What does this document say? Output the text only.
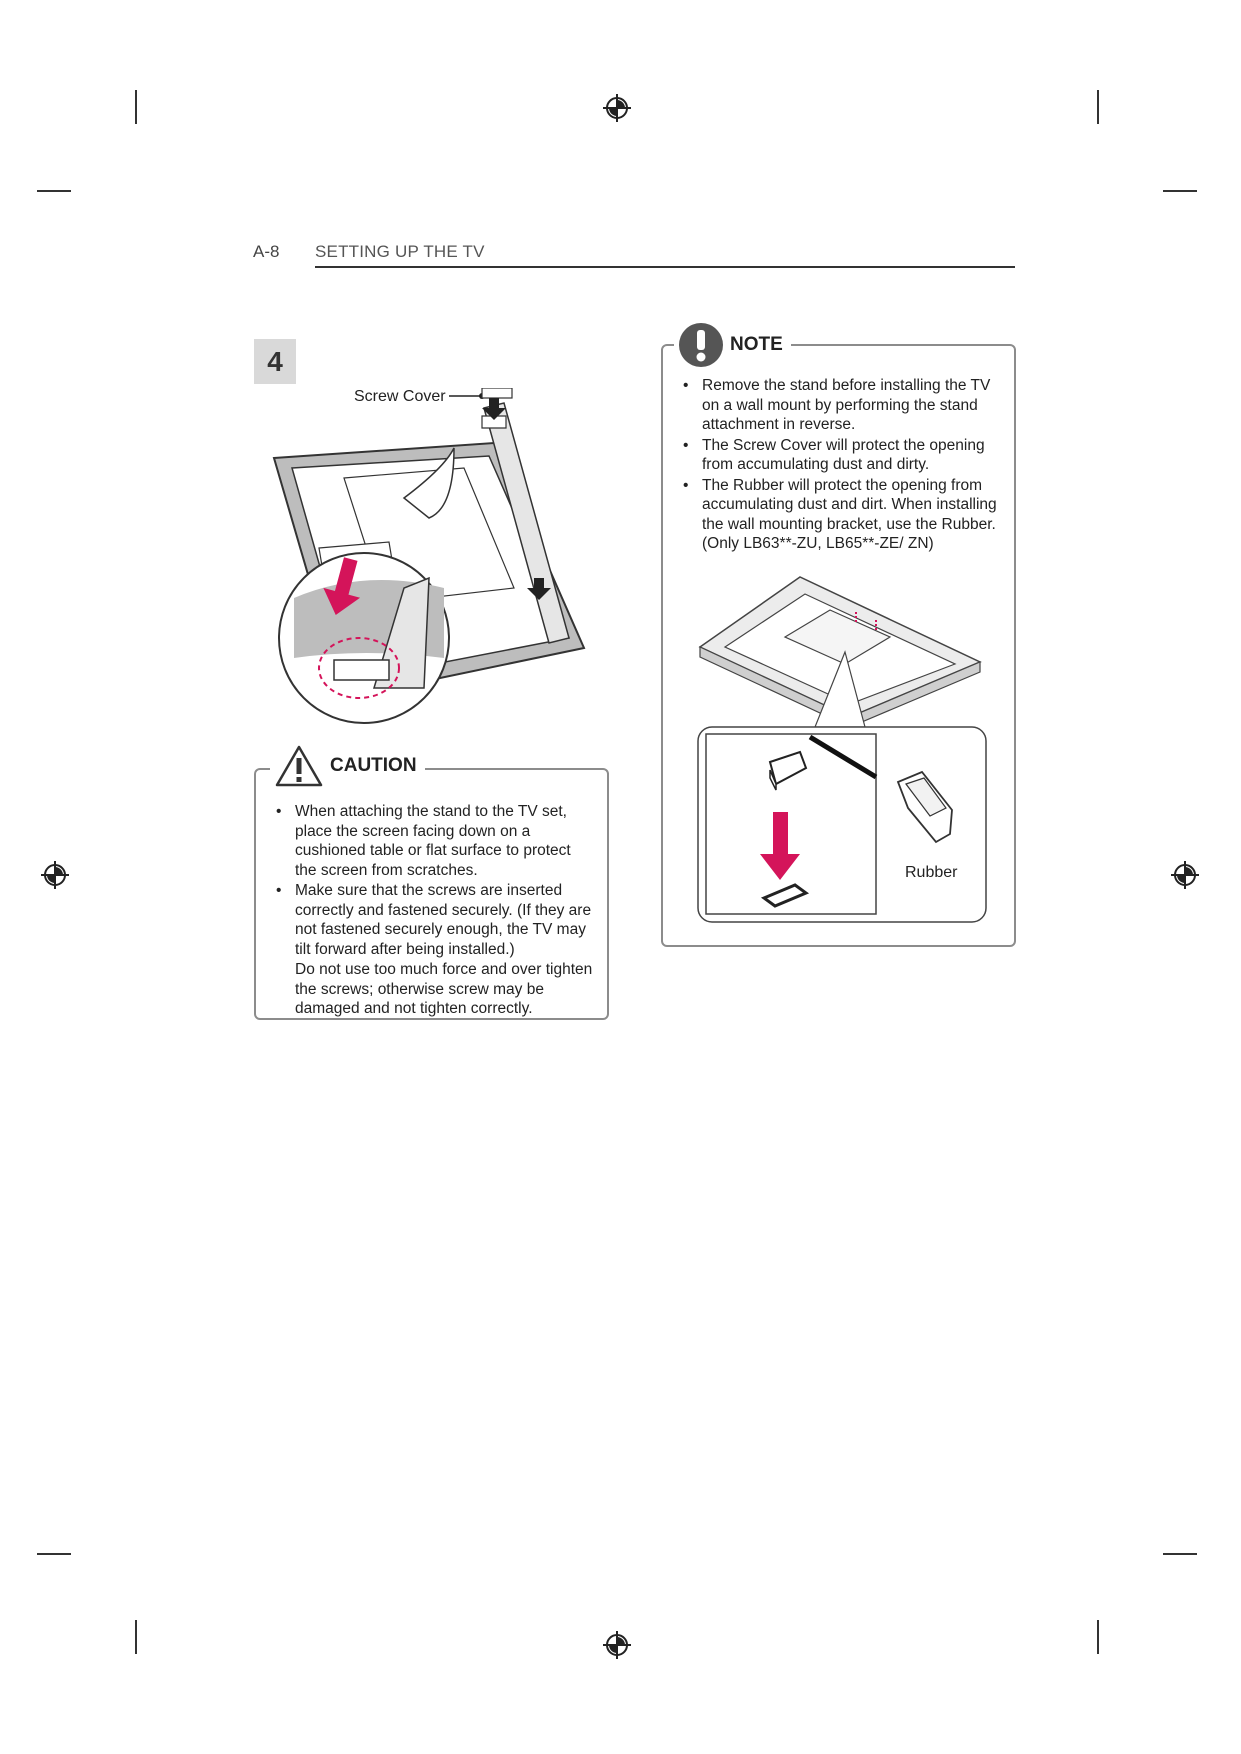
A-8 SETTING UP THE TV
4
Screw Cover
• When attaching the stand to the TV set, place the screen facing down on a cushioned table or flat surface to protect the screen from scratches.
• Make sure that the screws are inserted correctly and fastened securely. (If they are not fastened securely enough, the TV may tilt forward after being installed.)
Do not use too much force and over tighten the screws; otherwise screw may be damaged and not tighten correctly.
CAUTION
• Remove the stand before installing the TV on a wall mount by performing the stand attachment in reverse.
• The Screw Cover will protect the opening from accumulating dust and dirty.
• The Rubber will protect the opening from accumulating dust and dirt. When installing the wall mounting bracket, use the Rubber. (Only LB63**-ZU, LB65**-ZE/ ZN)
NOTE
Rubber
